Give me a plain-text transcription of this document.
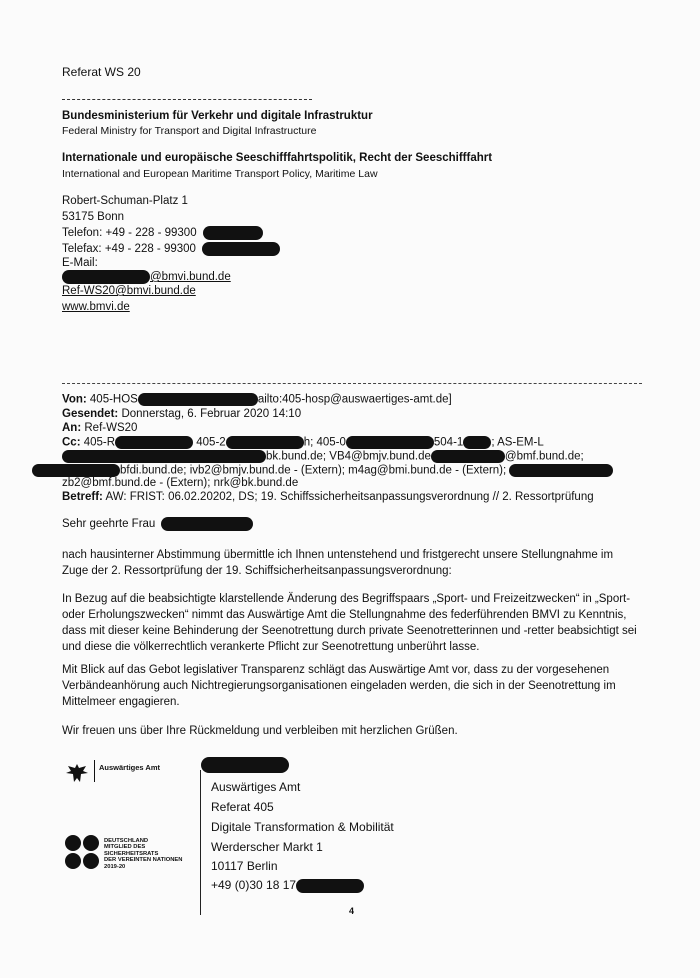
Referat WS 20
Bundesministerium für Verkehr und digitale Infrastruktur
Federal Ministry for Transport and Digital Infrastructure
Internationale und europäische Seeschifffahrtspolitik, Recht der Seeschifffahrt
International and European Maritime Transport Policy, Maritime Law
Robert-Schuman-Platz 1
53175 Bonn
Telefon: +49 - 228 - 99300
Telefax: +49 - 228 - 99300
E-Mail:
@bmvi.bund.de
Ref-WS20@bmvi.bund.de
www.bmvi.de
Von: 405-HOS	ailto:405-hosp@auswaertiges-amt.de]
Gesendet: Donnerstag, 6. Februar 2020 14:10
An: Ref-WS20
Cc: 405-R	405-2	h; 405-0	504-1 ; AS-EM-L
bk.bund.de; VB4@bmjv.bund.de	@bmf.bund.de;
bfdi.bund.de; ivb2@bmjv.bund.de - (Extern); m4ag@bmi.bund.de - (Extern);
zb2@bmf.bund.de - (Extern); nrk@bk.bund.de
Betreff: AW: FRIST: 06.02.20202, DS; 19. Schiffssicherheitsanpassungsverordnung // 2. Ressortprüfung
Sehr geehrte Frau
nach hausinterner Abstimmung übermittle ich Ihnen untenstehend und fristgerecht unsere Stellungnahme im Zuge der 2. Ressortprüfung der 19. Schiffsicherheitsanpassungsverordnung:
In Bezug auf die beabsichtigte klarstellende Änderung des Begriffspaars „Sport- und Freizeitzwecken“ in „Sport- oder Erholungszwecken“ nimmt das Auswärtige Amt die Stellungnahme des federführenden BMVI zu Kenntnis, dass mit dieser keine Behinderung der Seenotrettung durch private Seenotretterinnen und -retter beabsichtigt sei und diese die völkerrechtlich verankerte Pflicht zur Seenotrettung unberührt lasse.
Mit Blick auf das Gebot legislativer Transparenz schlägt das Auswärtige Amt vor, dass zu der vorgesehenen Verbändeanhörung auch Nichtregierungsorganisationen eingeladen werden, die sich in der Seenotrettung im Mittelmeer engagieren.
Wir freuen uns über Ihre Rückmeldung und verbleiben mit herzlichen Grüßen.
Auswärtiges Amt
DEUTSCHLAND
MITGLIED DES
SICHERHEITSRATS
DER VEREINTEN NATIONEN
2019-20
Auswärtiges Amt
Referat 405
Digitale Transformation & Mobilität
Werderscher Markt 1
10117 Berlin
+49 (0)30 18 17
4
